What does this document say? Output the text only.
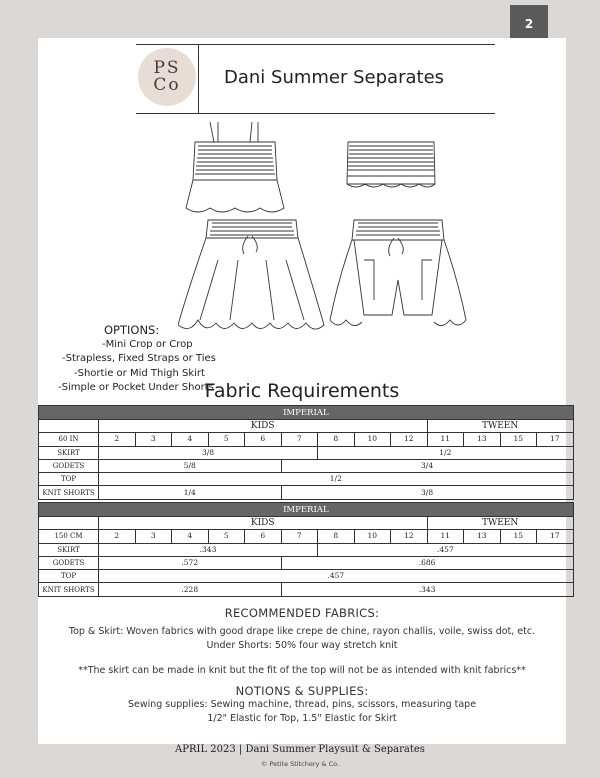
2
PS
Co Dani Summer Separates
OPTIONS:
-Mini Crop or Crop
-Strapless, Fixed Straps or Ties
-Shortie or Mid Thigh Skirt
-Simple or Pocket Under Shorts
Fabric Requirements
IMPERIAL													
	KIDS									TWEEN			
60 IN	2	3	4	5	6	7	8	10	12	11	13	15	17
SKIRT	3/8						1/2						
GODETS	5/8					3/4							
TOP	1/2												
KNIT SHORTS	1/4					3/8							
IMPERIAL													
	KIDS									TWEEN			
150 CM	2	3	4	5	6	7	8	10	12	11	13	15	17
SKIRT	.343						.457						
GODETS	.572					.686							
TOP	.457												
KNIT SHORTS	.228					.343							
RECOMMENDED FABRICS:
Top & Skirt: Woven fabrics with good drape like crepe de chine, rayon challis, voile, swiss dot, etc.
Under Shorts: 50% four way stretch knit
**The skirt can be made in knit but the fit of the top will not be as intended with knit fabrics**
NOTIONS & SUPPLIES:
Sewing supplies: Sewing machine, thread, pins, scissors, measuring tape
1/2" Elastic for Top, 1.5" Elastic for Skirt
APRIL 2023 | Dani Summer Playsuit & Separates
© Petite Stitchery & Co.
